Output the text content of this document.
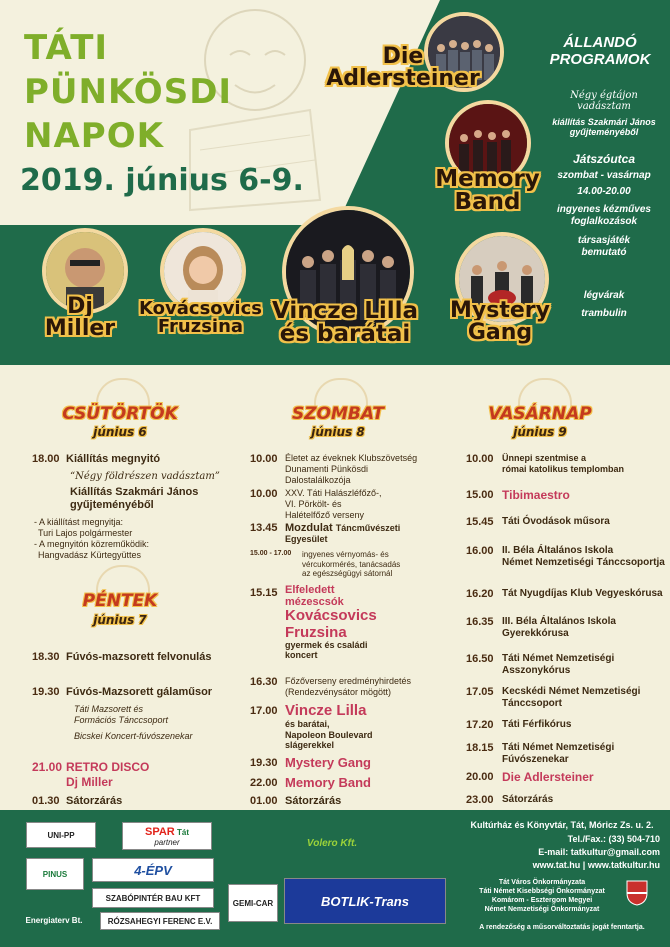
TÁTI
PÜNKÖSDI
NAPOK
2019. június 6-9.
Die
Adlersteiner
Memory
Band
ÁLLANDÓ
PROGRAMOK
Négy égtájon
vadásztam
kiállítás Szakmári János
gyűjteményéből
Játszóutca
szombat - vasárnap
14.00-20.00
ingyenes kézműves
foglalkozások
társasjáték
bemutató
légvárak
trambulin
Dj
Miller
Kovácsovics
Fruzsina
Vincze Lilla
és barátai
Mystery
Gang
CSÜTÖRTÖK
június 6
18.00 Kiállítás megnyitó
“Négy földrészen vadásztam”
Kiállítás Szakmári János
gyűjteményéből
- A kiállítást megnyitja:
Turi Lajos polgármester
- A megnyitón közreműködik:
Hangvadász Kürtegyüttes
PÉNTEK
június 7
18.30 Fúvós-mazsorett felvonulás
19.30 Fúvós-Mazsorett gálaműsor
Táti Mazsorett és
Formációs Tánccsoport
Bicskei Koncert-fúvószenekar
21.00 RETRO DISCO
Dj Miller
01.30 Sátorzárás
SZOMBAT
június 8
10.00 Életet az éveknek Klubszövetség
Dunamenti Pünkösdi
Dalostalálkozója
10.00 XXV. Táti Halászléfőző-,
VI. Pörkölt- és
Halételfőző verseny
13.45 Mozdulat Táncművészeti
Egyesület
15.00 - 17.00 ingyenes vérnyomás- és
vércukormérés, tanácsadás
az egészségügyi sátornál
15.15 Elfeledett
mézescsók
Kovácsovics
Fruzsina
gyermek és családi
koncert
16.30 Főzőverseny eredményhirdetés
(Rendezvénysátor mögött)
17.00 Vincze Lilla
és barátai,
Napoleon Boulevard
slágerekkel
19.30 Mystery Gang
22.00 Memory Band
01.00 Sátorzárás
VASÁRNAP
június 9
10.00 Ünnepi szentmise a
római katolikus templomban
15.00 Tibimaestro
15.45 Táti Óvodások műsora
16.00 II. Béla Általános Iskola
Német Nemzetiségi Tánccsoportja
16.20 Tát Nyugdíjas Klub Vegyeskórusa
16.35 III. Béla Általános Iskola
Gyerekkórusa
16.50 Táti Német Nemzetiségi
Asszonykórus
17.05 Kecskédi Német Nemzetiségi
Tánccsoport
17.20 Táti Férfikórus
18.15 Táti Német Nemzetiségi
Fúvószenekar
20.00 Die Adlersteiner
23.00 Sátorzárás
UNI-PP	SPAR Tát
partner
PINUS	4-ÉPV
SZABÓPINTÉR BAU KFT
Energiaterv Bt.	RÓZSAHEGYI FERENC E.V.
GEMI-CAR
Volero Kft.
BOTLIK-Trans
Kultúrház és Könyvtár, Tát, Móricz Zs. u. 2.
Tel./Fax.: (33) 504-710
E-mail: tatkultur@gmail.com
www.tat.hu | www.tatkultur.hu
Tát Város Önkormányzata
Táti Német Kisebbségi Önkormányzat
Komárom - Esztergom Megyei
Német Nemzetiségi Önkormányzat
A rendezőség a műsorváltoztatás jogát fenntartja.
